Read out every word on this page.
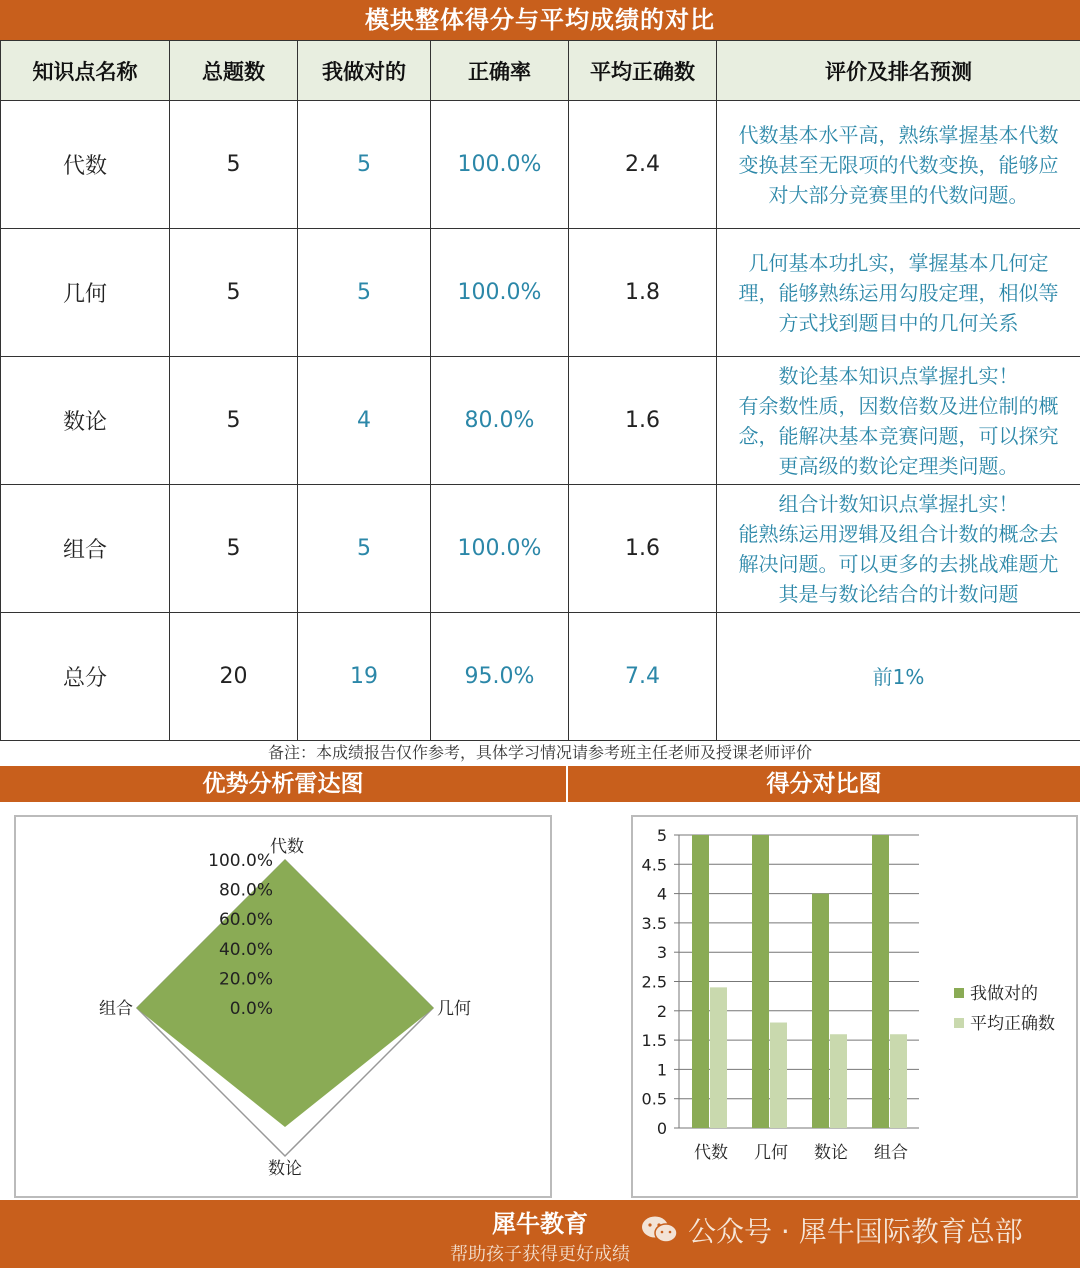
模块整体得分与平均成绩的对比
知识点名称	总题数	我做对的	正确率	平均正确数	评价及排名预测
代数	5	5	100.0%	2.4	代数基本水平高，熟练掌握基本代数
变换甚至无限项的代数变换，能够应
对大部分竞赛里的代数问题。

几何	5	5	100.0%	1.8	几何基本功扎实，掌握基本几何定
理，能够熟练运用勾股定理，相似等
方式找到题目中的几何关系

数论	5	4	80.0%	1.6	数论基本知识点掌握扎实！
有余数性质，因数倍数及进位制的概
念，能解决基本竞赛问题，可以探究
更高级的数论定理类问题。

组合	5	5	100.0%	1.6	组合计数知识点掌握扎实！
能熟练运用逻辑及组合计数的概念去
解决问题。可以更多的去挑战难题尤
其是与数论结合的计数问题

总分	20	19	95.0%	7.4	前1%
备注：本成绩报告仅作参考，具体学习情况请参考班主任老师及授课老师评价
优势分析雷达图	得分对比图
0.0%
20.0%
40.0%
60.0%
80.0%
100.0%
代数
几何
数论
组合
0
0.5
1
1.5
2
2.5
3
3.5
4
4.5
5
代数 几何 数论 组合
我做对的
平均正确数
犀牛教育
帮助孩子获得更好成绩
公众号 · 犀牛国际教育总部
